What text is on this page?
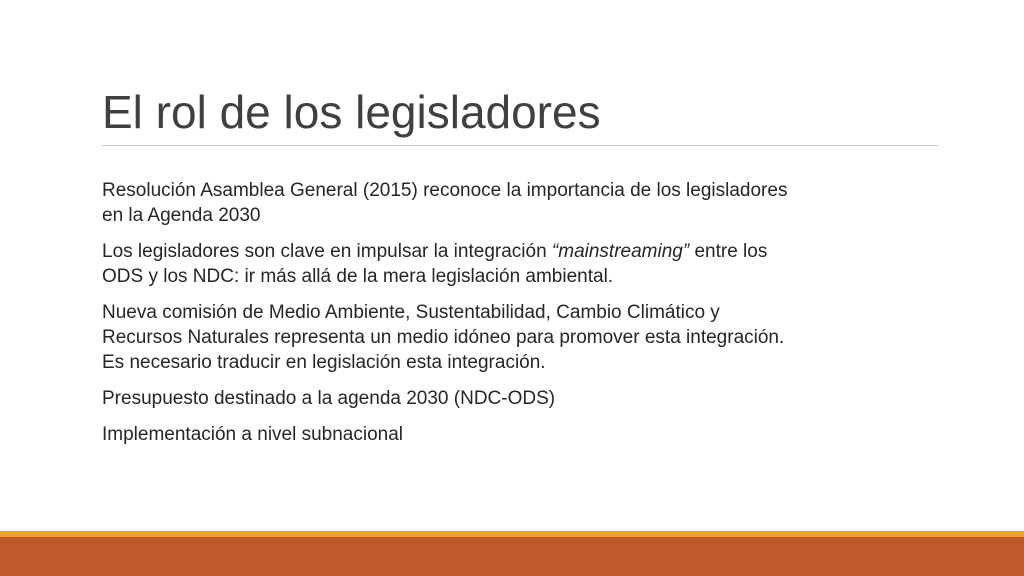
El rol de los legisladores

Resolución Asamblea General (2015) reconoce la importancia de los legisladores
en la Agenda 2030

Los legisladores son clave en impulsar la integración “mainstreaming” entre los
ODS y los NDC: ir más allá de la mera legislación ambiental.

Nueva comisión de Medio Ambiente, Sustentabilidad, Cambio Climático y
Recursos Naturales representa un medio idóneo para promover esta integración.
Es necesario traducir en legislación esta integración.

Presupuesto destinado a la agenda 2030 (NDC-ODS)

Implementación a nivel subnacional
